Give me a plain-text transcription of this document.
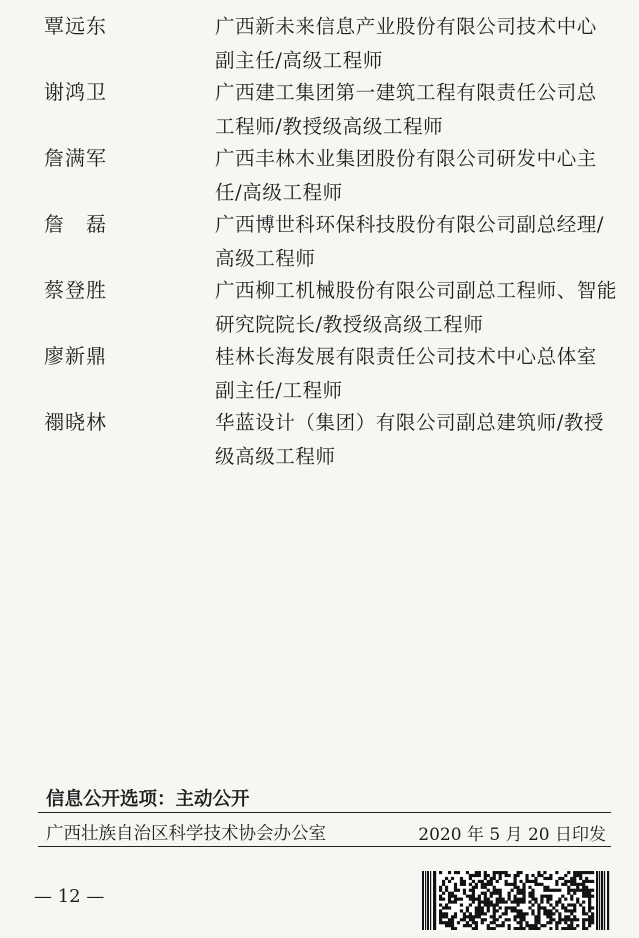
覃远东	广西新未来信息产业股份有限公司技术中心
副主任/高级工程师
谢鸿卫	广西建工集团第一建筑工程有限责任公司总
工程师/教授级高级工程师
詹满军	广西丰林木业集团股份有限公司研发中心主
任/高级工程师
詹　磊	广西博世科环保科技股份有限公司副总经理/
高级工程师
蔡登胜	广西柳工机械股份有限公司副总工程师、智能
研究院院长/教授级高级工程师
廖新鼎	桂林长海发展有限责任公司技术中心总体室
副主任/工程师
禤晓林	华蓝设计（集团）有限公司副总建筑师/教授
级高级工程师
信息公开选项：主动公开
广西壮族自治区科学技术协会办公室	2020 年 5 月 20 日印发
— 12 —
